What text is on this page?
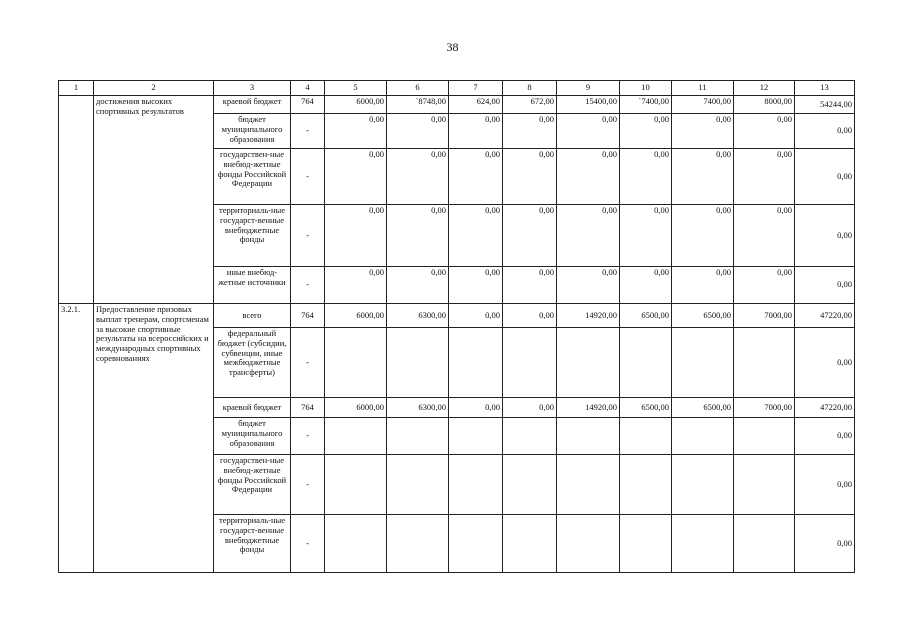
38
1	2	3	4	5	6	7	8	9	10	11	12	13
	достижения высоких спортивных результатов	краевой бюджет	764	6000,00	`8748,00	624,00	672,00	15400,00	`7400,00	7400,00	8000,00	54244,00
		бюджет муниципального образования	-	0,00	0,00	0,00	0,00	0,00	0,00	0,00	0,00	0,00
		государствен-ные внебюд-жетные фонды Российской Федерации	-	0,00	0,00	0,00	0,00	0,00	0,00	0,00	0,00	0,00
		территориаль-ные государст-венные внебюджетные фонды	-	0,00	0,00	0,00	0,00	0,00	0,00	0,00	0,00	0,00
		иные внебюд-жетные источники	-	0,00	0,00	0,00	0,00	0,00	0,00	0,00	0,00	0,00
3.2.1.	Предоставление призовых выплат тренерам, спортсменам за высокие спортивные результаты на всероссийских и международных спортивных соревнованиях	всего	764	6000,00	6300,00	0,00	0,00	14920,00	6500,00	6500,00	7000,00	47220,00
		федеральный бюджет (субсидии, субвенции, иные межбюджетные трансферты)	-									0,00
		краевой бюджет	764	6000,00	6300,00	0,00	0,00	14920,00	6500,00	6500,00	7000,00	47220,00
		бюджет муниципального образования	-									0,00
		государствен-ные внебюд-жетные фонды Российской Федерации	-									0,00
		территориаль-ные государст-венные внебюджетные фонды	-									0,00
